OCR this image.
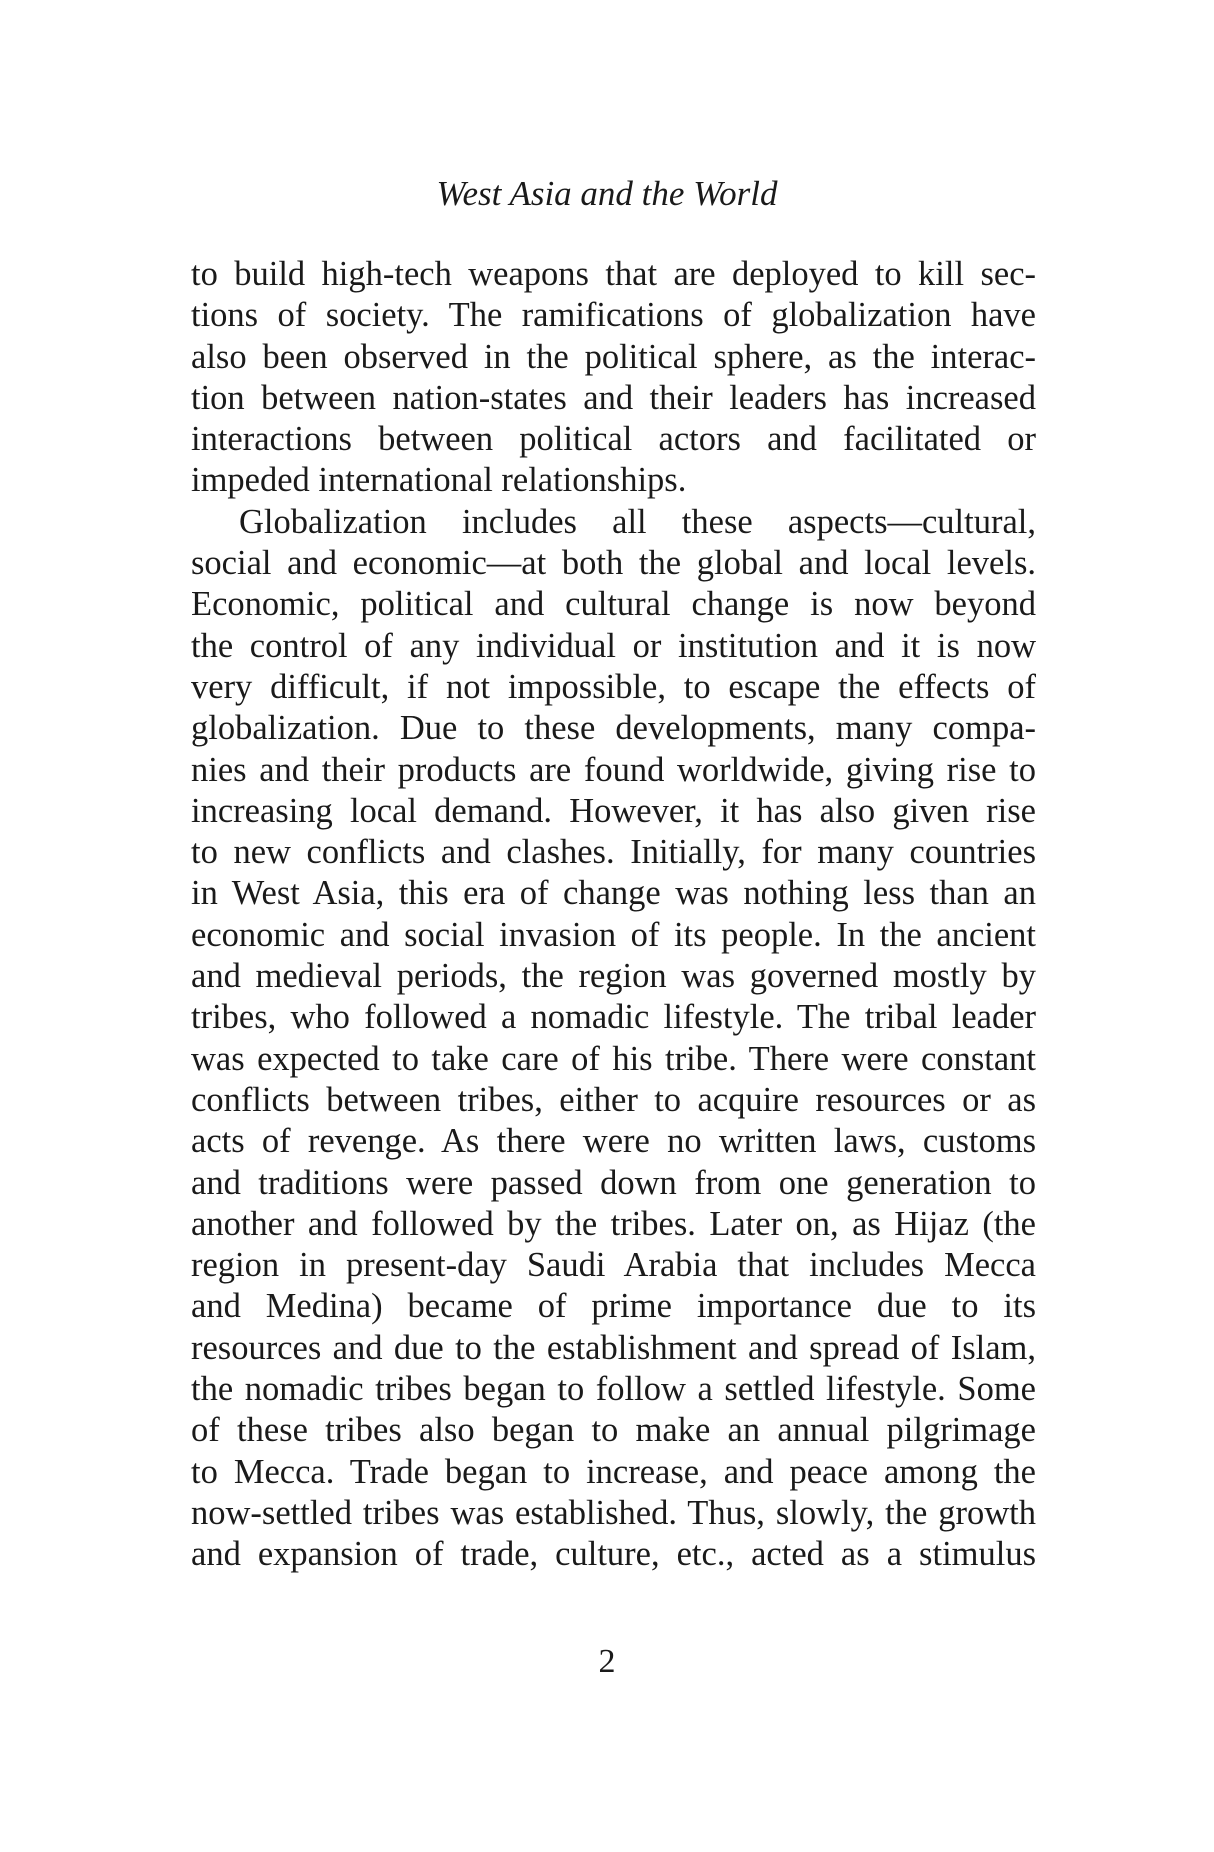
West Asia and the World
to build high-tech weapons that are deployed to kill sec-
tions of society. The ramifications of globalization have
also been observed in the political sphere, as the interac-
tion between nation-states and their leaders has increased
interactions between political actors and facilitated or
impeded international relationships.
Globalization includes all these aspects—cultural,
social and economic—at both the global and local levels.
Economic, political and cultural change is now beyond
the control of any individual or institution and it is now
very difficult, if not impossible, to escape the effects of
globalization. Due to these developments, many compa-
nies and their products are found worldwide, giving rise to
increasing local demand. However, it has also given rise
to new conflicts and clashes. Initially, for many countries
in West Asia, this era of change was nothing less than an
economic and social invasion of its people. In the ancient
and medieval periods, the region was governed mostly by
tribes, who followed a nomadic lifestyle. The tribal leader
was expected to take care of his tribe. There were constant
conflicts between tribes, either to acquire resources or as
acts of revenge. As there were no written laws, customs
and traditions were passed down from one generation to
another and followed by the tribes. Later on, as Hijaz (the
region in present-day Saudi Arabia that includes Mecca
and Medina) became of prime importance due to its
resources and due to the establishment and spread of Islam,
the nomadic tribes began to follow a settled lifestyle. Some
of these tribes also began to make an annual pilgrimage
to Mecca. Trade began to increase, and peace among the
now-settled tribes was established. Thus, slowly, the growth
and expansion of trade, culture, etc., acted as a stimulus
2
